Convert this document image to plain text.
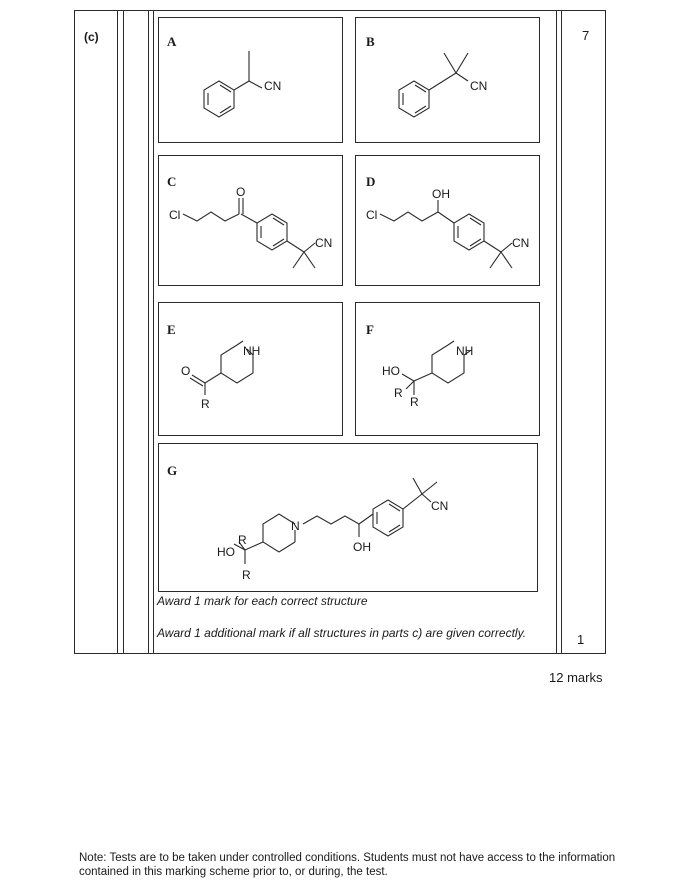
(c)	7
1
A
CN
B
CN
C
Cl
O
CN
D
Cl
OH
CN
E
NH
O
R
F
NH
HO
R
R
G
N
HO
R
R
OH
CN
Award 1 mark for each correct structure
Award 1 additional mark if all structures in parts c) are given correctly.
12 marks
Note: Tests are to be taken under controlled conditions. Students must not have access to the information contained in this marking scheme prior to, or during, the test.
